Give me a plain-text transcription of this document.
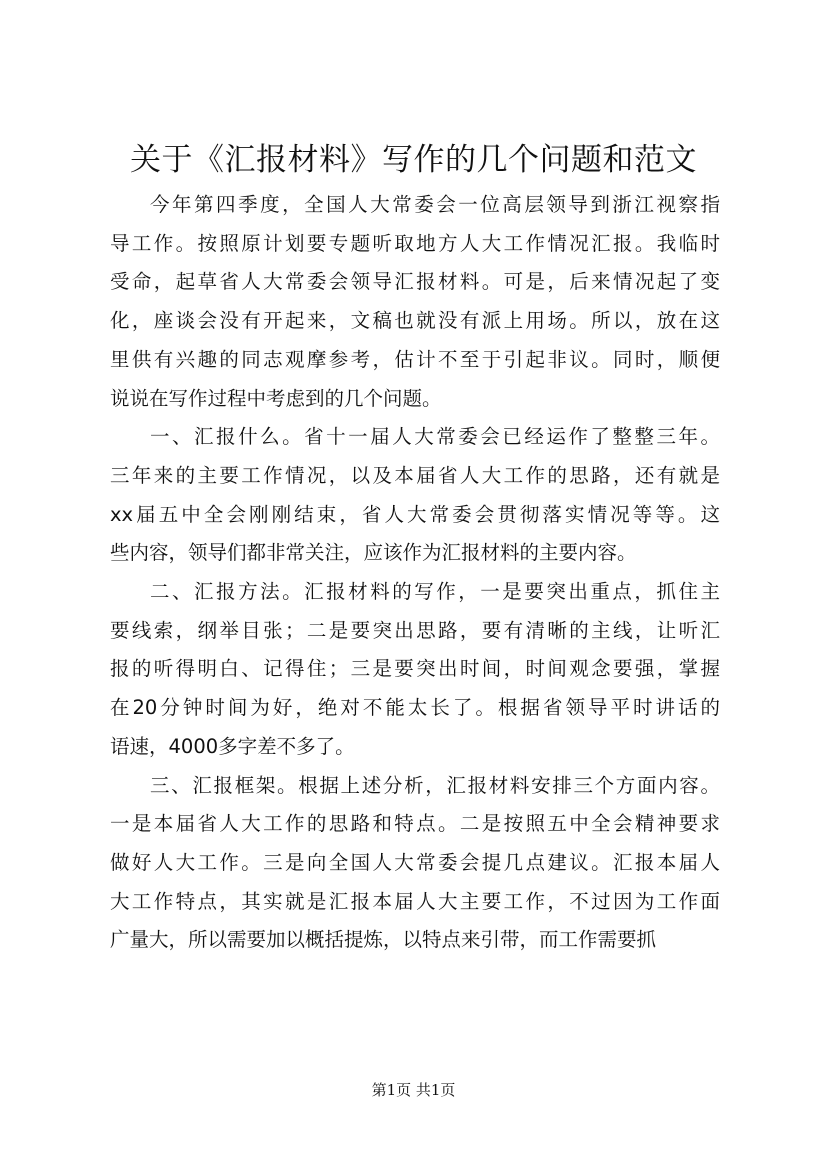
关于《汇报材料》写作的几个问题和范文
今年第四季度，全国人大常委会一位高层领导到浙江视察指
导工作。按照原计划要专题听取地方人大工作情况汇报。我临时
受命，起草省人大常委会领导汇报材料。可是，后来情况起了变
化，座谈会没有开起来，文稿也就没有派上用场。所以，放在这
里供有兴趣的同志观摩参考，估计不至于引起非议。同时，顺便
说说在写作过程中考虑到的几个问题。
一、汇报什么。省十一届人大常委会已经运作了整整三年。
三年来的主要工作情况，以及本届省人大工作的思路，还有就是
xx届五中全会刚刚结束，省人大常委会贯彻落实情况等等。这
些内容，领导们都非常关注，应该作为汇报材料的主要内容。
二、汇报方法。汇报材料的写作，一是要突出重点，抓住主
要线索，纲举目张；二是要突出思路，要有清晰的主线，让听汇
报的听得明白、记得住；三是要突出时间，时间观念要强，掌握
在20分钟时间为好，绝对不能太长了。根据省领导平时讲话的
语速，4000多字差不多了。
三、汇报框架。根据上述分析，汇报材料安排三个方面内容。
一是本届省人大工作的思路和特点。二是按照五中全会精神要求
做好人大工作。三是向全国人大常委会提几点建议。汇报本届人
大工作特点，其实就是汇报本届人大主要工作，不过因为工作面
广量大，所以需要加以概括提炼，以特点来引带，而工作需要抓
第1页 共1页
